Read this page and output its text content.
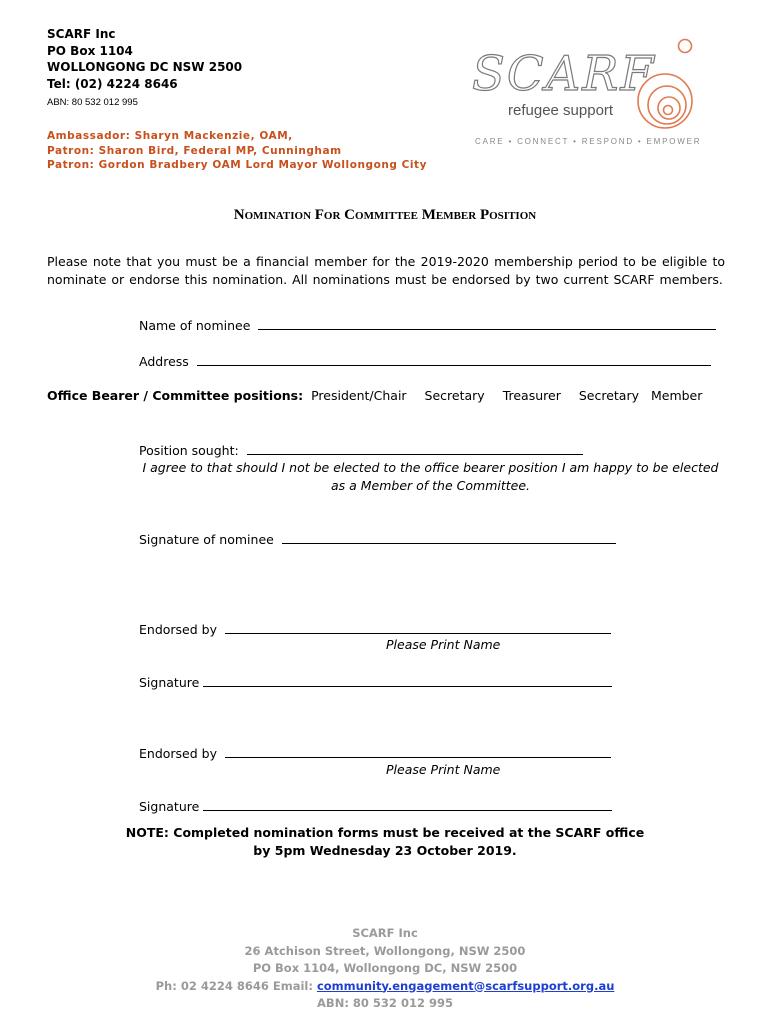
SCARF Inc
PO Box 1104
WOLLONGONG DC NSW 2500
Tel: (02) 4224 8646
ABN: 80 532 012 995
Ambassador: Sharyn Mackenzie, OAM,
Patron: Sharon Bird, Federal MP, Cunningham
Patron: Gordon Bradbery OAM Lord Mayor Wollongong City
SCARF
refugee support
CARE • CONNECT • RESPOND • EMPOWER
Nomination For Committee Member Position
Please note that you must be a financial member for the 2019-2020 membership period to be eligible to nominate or endorse this nomination. All nominations must be endorsed by two current SCARF members.
Name of nominee
Address
Office Bearer / Committee positions: President/Chair Secretary Treasurer Secretary Member
Position sought:
I agree to that should I not be elected to the office bearer position I am happy to be elected as a Member of the Committee.
Signature of nominee
Endorsed by
Please Print Name
Signature
Endorsed by
Please Print Name
Signature
NOTE: Completed nomination forms must be received at the SCARF office by 5pm Wednesday 23 October 2019.
SCARF Inc
26 Atchison Street, Wollongong, NSW 2500
PO Box 1104, Wollongong DC, NSW 2500
Ph: 02 4224 8646 Email: community.engagement@scarfsupport.org.au
ABN: 80 532 012 995
